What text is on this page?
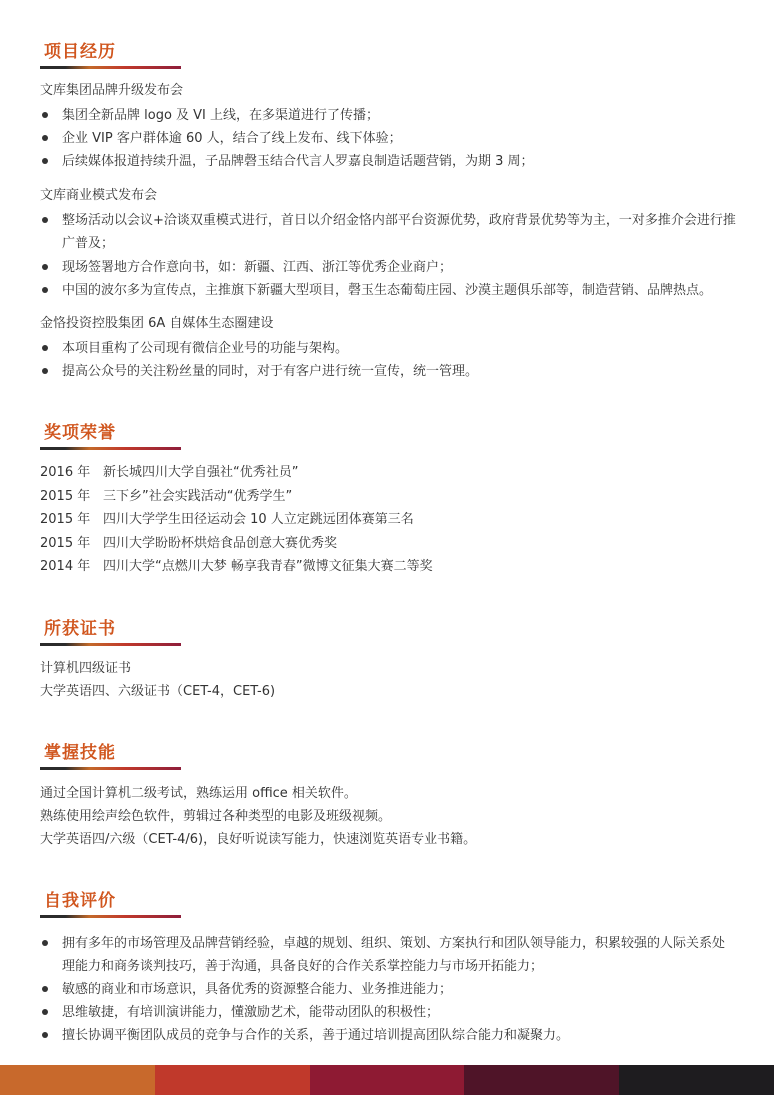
项目经历
文库集团品牌升级发布会
集团全新品牌 logo 及 VI 上线，在多渠道进行了传播；
企业 VIP 客户群体逾 60 人，结合了线上发布、线下体验；
后续媒体报道持续升温，子品牌磬玉结合代言人罗嘉良制造话题营销，为期 3 周；
文库商业模式发布会
整场活动以会议+洽谈双重模式进行，首日以介绍金恪内部平台资源优势，政府背景优势等为主，一对多推介会进行推广普及；
现场签署地方合作意向书，如：新疆、江西、浙江等优秀企业商户；
中国的波尔多为宣传点，主推旗下新疆大型项目，磬玉生态葡萄庄园、沙漠主题俱乐部等，制造营销、品牌热点。
金恪投资控股集团 6A 自媒体生态圈建设
本项目重构了公司现有微信企业号的功能与架构。
提高公众号的关注粉丝量的同时，对于有客户进行统一宣传，统一管理。
奖项荣誉
2016 年 新长城四川大学自强社“优秀社员”
2015 年 三下乡”社会实践活动“优秀学生”
2015 年 四川大学学生田径运动会 10 人立定跳远团体赛第三名
2015 年 四川大学盼盼杯烘焙食品创意大赛优秀奖
2014 年 四川大学“点燃川大梦 畅享我青春”微博文征集大赛二等奖
所获证书
计算机四级证书
大学英语四、六级证书（CET-4，CET-6)
掌握技能
通过全国计算机二级考试，熟练运用 office 相关软件。
熟练使用绘声绘色软件，剪辑过各种类型的电影及班级视频。
大学英语四/六级（CET-4/6)，良好听说读写能力，快速浏览英语专业书籍。
自我评价
拥有多年的市场管理及品牌营销经验，卓越的规划、组织、策划、方案执行和团队领导能力，积累较强的人际关系处理能力和商务谈判技巧，善于沟通，具备良好的合作关系掌控能力与市场开拓能力；
敏感的商业和市场意识，具备优秀的资源整合能力、业务推进能力；
思维敏捷，有培训演讲能力，懂激励艺术，能带动团队的积极性；
擅长协调平衡团队成员的竞争与合作的关系，善于通过培训提高团队综合能力和凝聚力。
